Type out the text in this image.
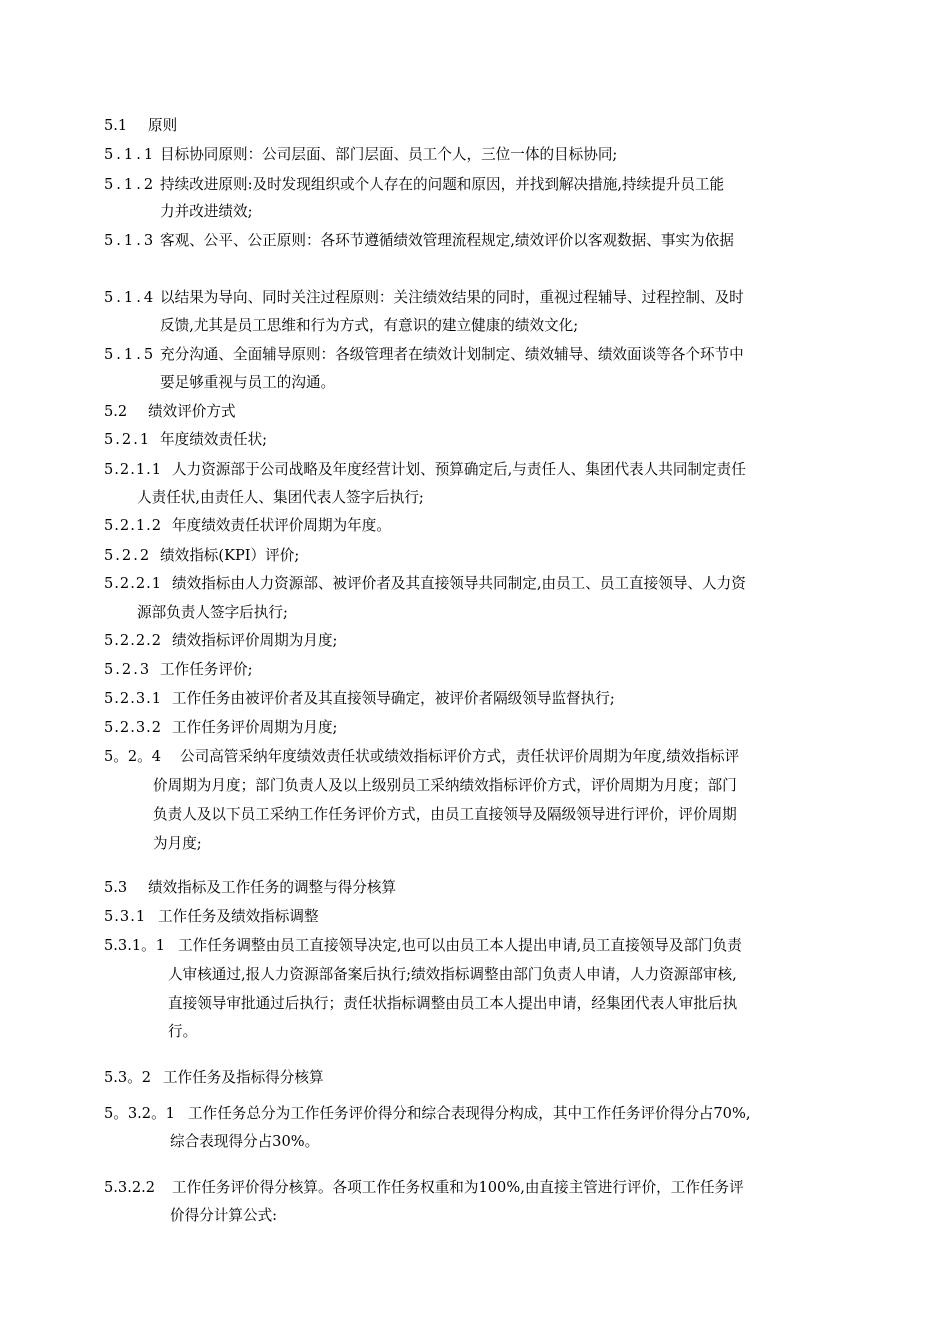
5.1 原则
5.1.1 目标协同原则：公司层面、部门层面、员工个人，三位一体的目标协同;
5.1.2 持续改进原则:及时发现组织或个人存在的问题和原因，并找到解决措施,持续提升员工能
力并改进绩效;
5.1.3 客观、公平、公正原则：各环节遵循绩效管理流程规定,绩效评价以客观数据、事实为依据
5.1.4 以结果为导向、同时关注过程原则：关注绩效结果的同时，重视过程辅导、过程控制、及时
反馈,尤其是员工思维和行为方式，有意识的建立健康的绩效文化;
5.1.5 充分沟通、全面辅导原则：各级管理者在绩效计划制定、绩效辅导、绩效面谈等各个环节中
要足够重视与员工的沟通。
5.2 绩效评价方式
5.2.1 年度绩效责任状;
5.2.1.1 人力资源部于公司战略及年度经营计划、预算确定后,与责任人、集团代表人共同制定责任
人责任状,由责任人、集团代表人签字后执行;
5.2.1.2 年度绩效责任状评价周期为年度。
5.2.2 绩效指标(KPI）评价;
5.2.2.1 绩效指标由人力资源部、被评价者及其直接领导共同制定,由员工、员工直接领导、人力资
源部负责人签字后执行;
5.2.2.2 绩效指标评价周期为月度;
5.2.3 工作任务评价;
5.2.3.1 工作任务由被评价者及其直接领导确定，被评价者隔级领导监督执行;
5.2.3.2 工作任务评价周期为月度;
5。2。4 公司高管采纳年度绩效责任状或绩效指标评价方式，责任状评价周期为年度,绩效指标评
价周期为月度；部门负责人及以上级别员工采纳绩效指标评价方式，评价周期为月度；部门
负责人及以下员工采纳工作任务评价方式，由员工直接领导及隔级领导进行评价，评价周期
为月度;
5.3 绩效指标及工作任务的调整与得分核算
5.3.1 工作任务及绩效指标调整
5.3.1。1 工作任务调整由员工直接领导决定,也可以由员工本人提出申请,员工直接领导及部门负责
人审核通过,报人力资源部备案后执行;绩效指标调整由部门负责人申请，人力资源部审核,
直接领导审批通过后执行；责任状指标调整由员工本人提出申请，经集团代表人审批后执
行。
5.3。2 工作任务及指标得分核算
5。3.2。1 工作任务总分为工作任务评价得分和综合表现得分构成，其中工作任务评价得分占70%,
综合表现得分占30%。
5.3.2.2 工作任务评价得分核算。各项工作任务权重和为100%,由直接主管进行评价，工作任务评
价得分计算公式:
